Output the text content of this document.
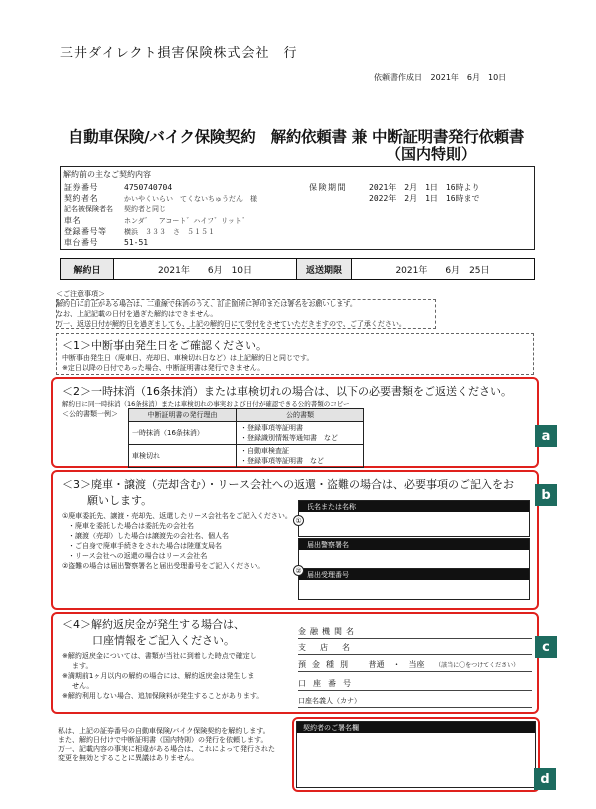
三井ダイレクト損害保険株式会社　行
依頼書作成日 2021年　6月　10日
自動車保険/バイク保険契約　解約依頼書 兼 中断証明書発行依頼書
（国内特則）
解約前の主なご契約内容
証券番号	4750740704
契約者名	かいやくいらい　てくないちゅうだん　様
記名被保険者名 契約者と同じ
車名	ホンダ゛　アコート゛ハイフ゛リット゛
登録番号等	横浜　３３３　さ　５１５１
車台番号	51-51
保険期間	2021年　2月　1日　16時より
2022年　2月　1日　16時まで
解約日	2021年　　6月　10日	返送期限	2021年　　6月　25日
＜ご注意事項＞
解約日に訂正がある場合は、二重線で抹消のうえ、訂正箇所に押印または署名をお願いします。
なお、上記記載の日付を過ぎた解約はできません。
万一、返送日付が解約日を過ぎましても、上記の解約日にて受付をさせていただきますので、ご了承ください。
＜1＞中断事由発生日をご確認ください。
中断事由発生日（廃車日、売却日、車検切れ日など）は上記解約日と同じです。
※定日以降の日付であった場合、中断証明書は発行できません。
a
＜2＞一時抹消（16条抹消）または車検切れの場合は、以下の必要書類をご返送ください。
解約日に同一時抹消（16条抹消）または車検切れの事実および日付が確認できる公的書類のコピー
＜公的書類一例＞	中断証明書の発行理由	公的書類
一時抹消（16条抹消）	・登録事項等証明書
・登録識別情報等通知書　など

車検切れ	・自動車検査証
・登録事項等証明書　など
b
＜3＞廃車・譲渡（売却含む）・リース会社への返還・盗難の場合は、必要事項のご記入をお
願いします。
①廃車委託先、譲渡・売却先、返還したリース会社名をご記入ください。
・廃車を委託した場合は委託先の会社名
・譲渡（売却）した場合は譲渡先の会社名、個人名
・ご自身で廃車手続きをされた場合は陸運支局名
・リース会社への返還の場合はリース会社名
②盗難の場合は届出警察署名と届出受理番号をご記入ください。
氏名または名称
①
届出警察署名
届出受理番号
②
c
＜4＞解約返戻金が発生する場合は、
口座情報をご記入ください。
※解約返戻金については、書類が当社に到着した時点で確定し
ます。
※満期前1ヶ月以内の解約の場合には、解約返戻金は発生しま
せん。
※解約利用しない場合、追加保険料が発生することがあります。
金融機関名
支店名
預金種別 普通　・　当座 （該当に〇をつけてください）
口座番号
口座名義人（カナ）
私は、上記の証券番号の自動車保険/バイク保険契約を解約します。
また、解約日付けで中断証明書（国内特則）の発行を依頼します。
万一、記載内容の事実に相違がある場合は、これによって発行された
変更を無効とすることに異議はありません。
契約者のご署名欄
d
